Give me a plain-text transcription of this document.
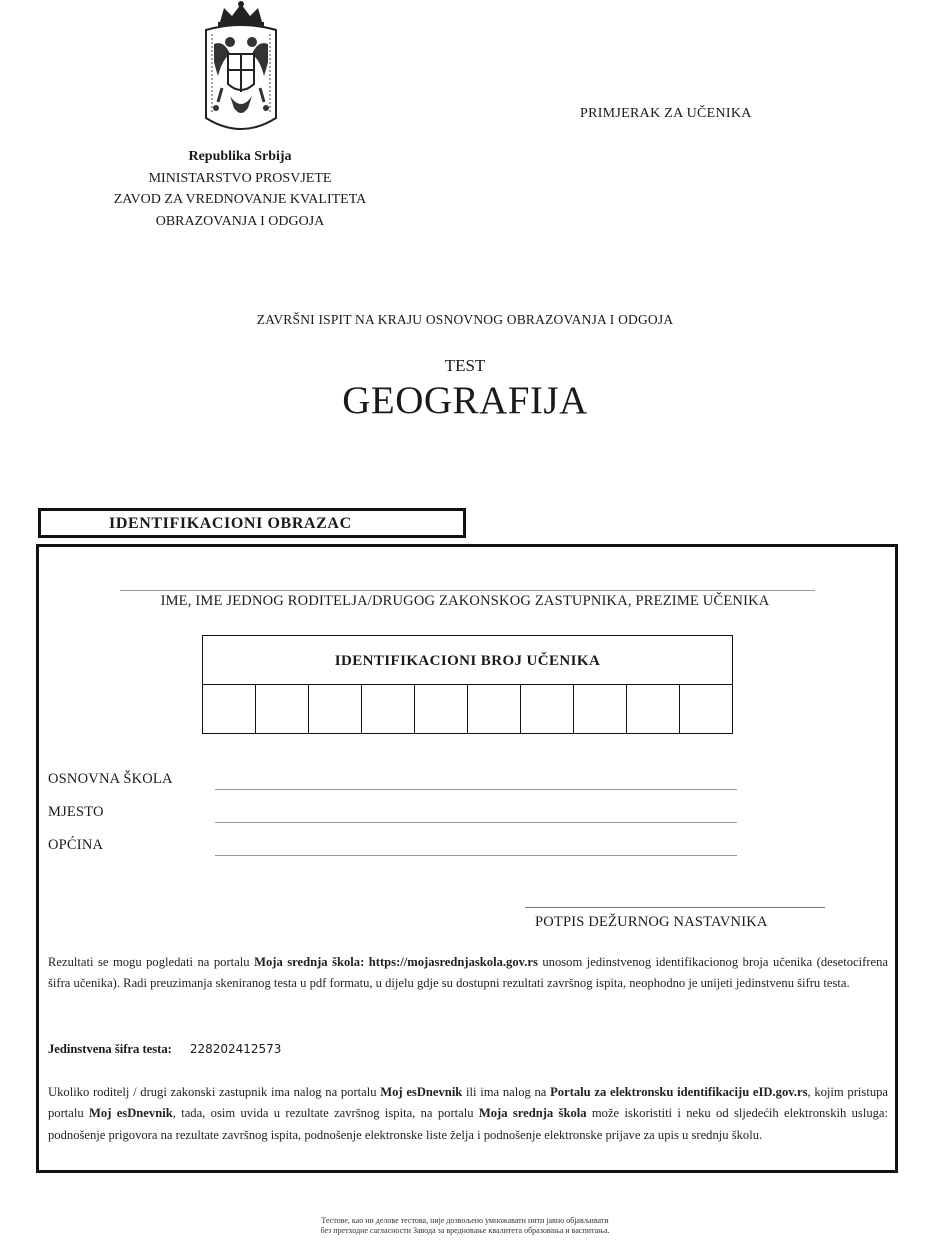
PRIMJERAK ZA UČENIKA
Republika Srbija
MINISTARSTVO PROSVJETE
ZAVOD ZA VREDNOVANJE KVALITETA
OBRAZOVANJA I ODGOJA
ZAVRŠNI ISPIT NA KRAJU OSNOVNOG OBRAZOVANJA I ODGOJA
TEST
GEOGRAFIJA
IDENTIFIKACIONI OBRAZAC
IME, IME JEDNOG RODITELJA/DRUGOG ZAKONSKOG ZASTUPNIKA, PREZIME UČENIKA
IDENTIFIKACIONI BROJ UČENIKA
OSNOVNA ŠKOLA
MJESTO
OPĆINA
POTPIS DEŽURNOG NASTAVNIKA
Rezultati se mogu pogledati na portalu Moja srednja škola: https://mojasrednjaskola.gov.rs unosom jedinstvenog identifikacionog broja učenika (desetocifrena šifra učenika). Radi preuzimanja skeniranog testa u pdf formatu, u dijelu gdje su dostupni rezultati završnog ispita, neophodno je unijeti jedinstvenu šifru testa.
Jedinstvena šifra testa: 228202412573
Ukoliko roditelj / drugi zakonski zastupnik ima nalog na portalu Moj esDnevnik ili ima nalog na Portalu za elektronsku identifikaciju eID.gov.rs, kojim pristupa portalu Moj esDnevnik, tada, osim uvida u rezultate završnog ispita, na portalu Moja srednja škola može iskoristiti i neku od sljedećih elektronskih usluga: podnošenje prigovora na rezultate završnog ispita, podnošenje elektronske liste želja i podnošenje elektronske prijave za upis u srednju školu.
Тестове, као ни делове тестова, није дозвољено умножавати нити јавно објављивати
без претходне сагласности Завода за вредновање квалитета образовања и васпитања.
